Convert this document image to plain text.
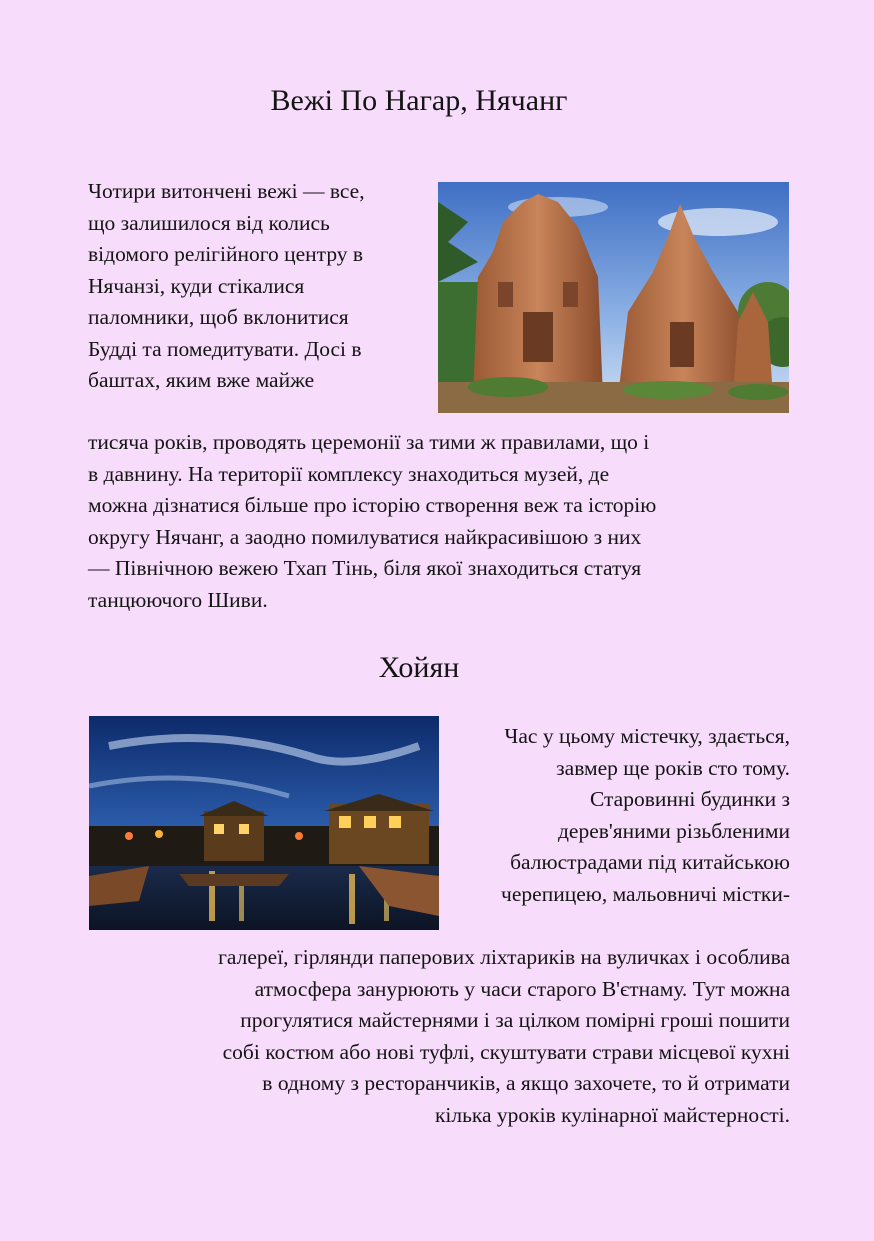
Вежі По Нагар, Нячанг

Чотири витончені вежі — все,
що залишилося від колись
відомого релігійного центру в
Нячанзі, куди стікалися
паломники, щоб вклонитися
Будді та помедитувати. Досі в
баштах, яким вже майже

тисяча років, проводять церемонії за тими ж правилами, що і
в давнину. На території комплексу знаходиться музей, де
можна дізнатися більше про історію створення веж та історію
округу Нячанг, а заодно помилуватися найкрасивішою з них
— Північною вежею Тхап Тінь, біля якої знаходиться статуя
танцюючого Шиви.

Хойян

Час у цьому містечку, здається,
завмер ще років сто тому.
Старовинні будинки з
дерев'яними різьбленими
балюстрадами під китайською
черепицею, мальовничі містки-

галереї, гірлянди паперових ліхтариків на вуличках і особлива
атмосфера занурюють у часи старого В'єтнаму. Тут можна
прогулятися майстернями і за цілком помірні гроші пошити
собі костюм або нові туфлі, скуштувати страви місцевої кухні
в одному з ресторанчиків, а якщо захочете, то й отримати
кілька уроків кулінарної майстерності.
